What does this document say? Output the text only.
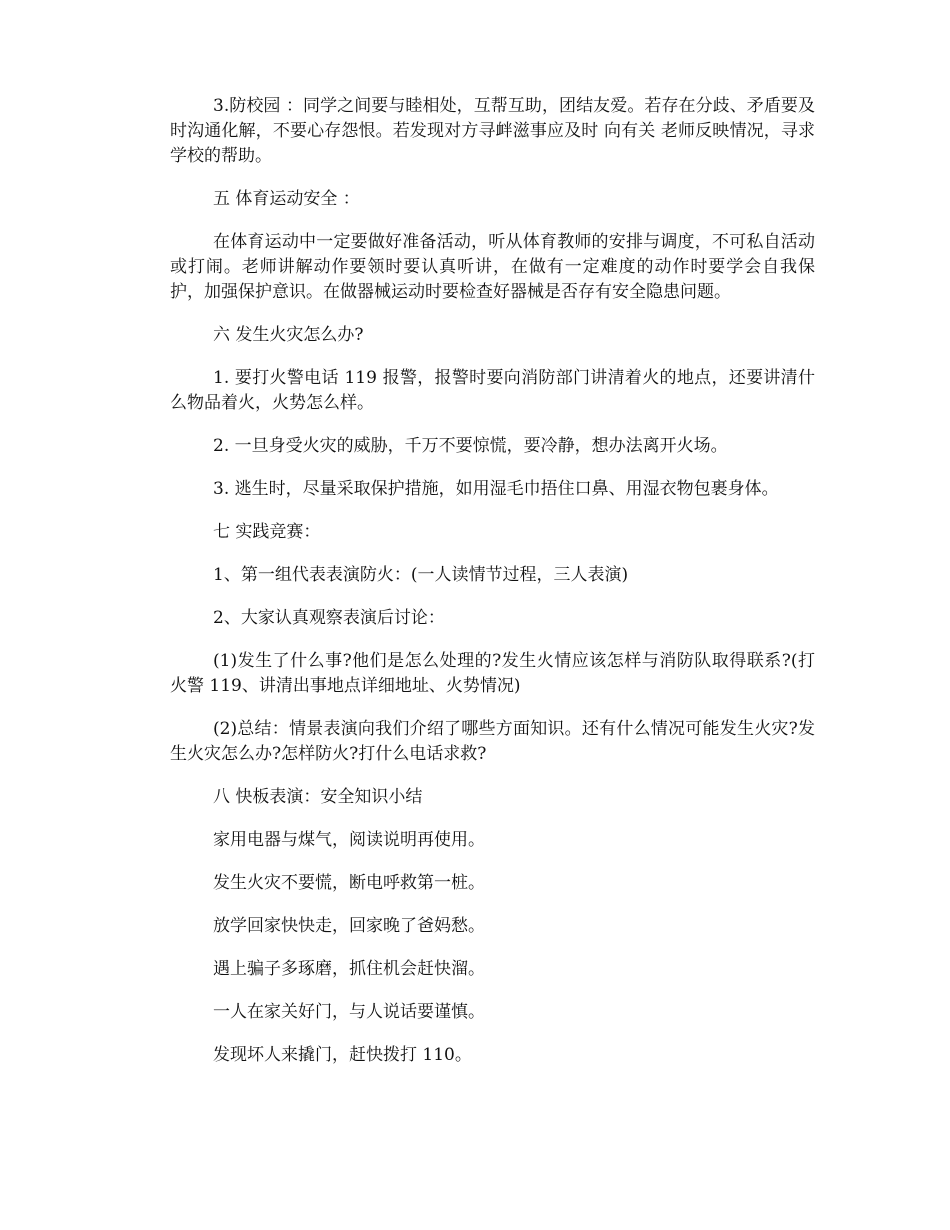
3.防校园 ：同学之间要与睦相处，互帮互助，团结友爱。若存在分歧、矛盾要及时沟通化解，不要心存怨恨。若发现对方寻衅滋事应及时 向有关 老师反映情况，寻求学校的帮助。

五 体育运动安全 ：

在体育运动中一定要做好准备活动，听从体育教师的安排与调度，不可私自活动或打闹。老师讲解动作要领时要认真听讲，在做有一定难度的动作时要学会自我保护，加强保护意识。在做器械运动时要检查好器械是否存有安全隐患问题。

六 发生火灾怎么办?

1. 要打火警电话 119 报警，报警时要向消防部门讲清着火的地点，还要讲清什么物品着火，火势怎么样。

2. 一旦身受火灾的威胁，千万不要惊慌，要冷静，想办法离开火场。

3. 逃生时，尽量采取保护措施，如用湿毛巾捂住口鼻、用湿衣物包裹身体。

七 实践竞赛：

1、第一组代表表演防火：(一人读情节过程，三人表演)

2、大家认真观察表演后讨论：

(1)发生了什么事?他们是怎么处理的?发生火情应该怎样与消防队取得联系?(打火警 119、讲清出事地点详细地址、火势情况)

(2)总结：情景表演向我们介绍了哪些方面知识。还有什么情况可能发生火灾?发生火灾怎么办?怎样防火?打什么电话求救?

八 快板表演：安全知识小结

家用电器与煤气，阅读说明再使用。

发生火灾不要慌，断电呼救第一桩。

放学回家快快走，回家晚了爸妈愁。

遇上骗子多琢磨，抓住机会赶快溜。

一人在家关好门，与人说话要谨慎。

发现坏人来撬门，赶快拨打 110。
